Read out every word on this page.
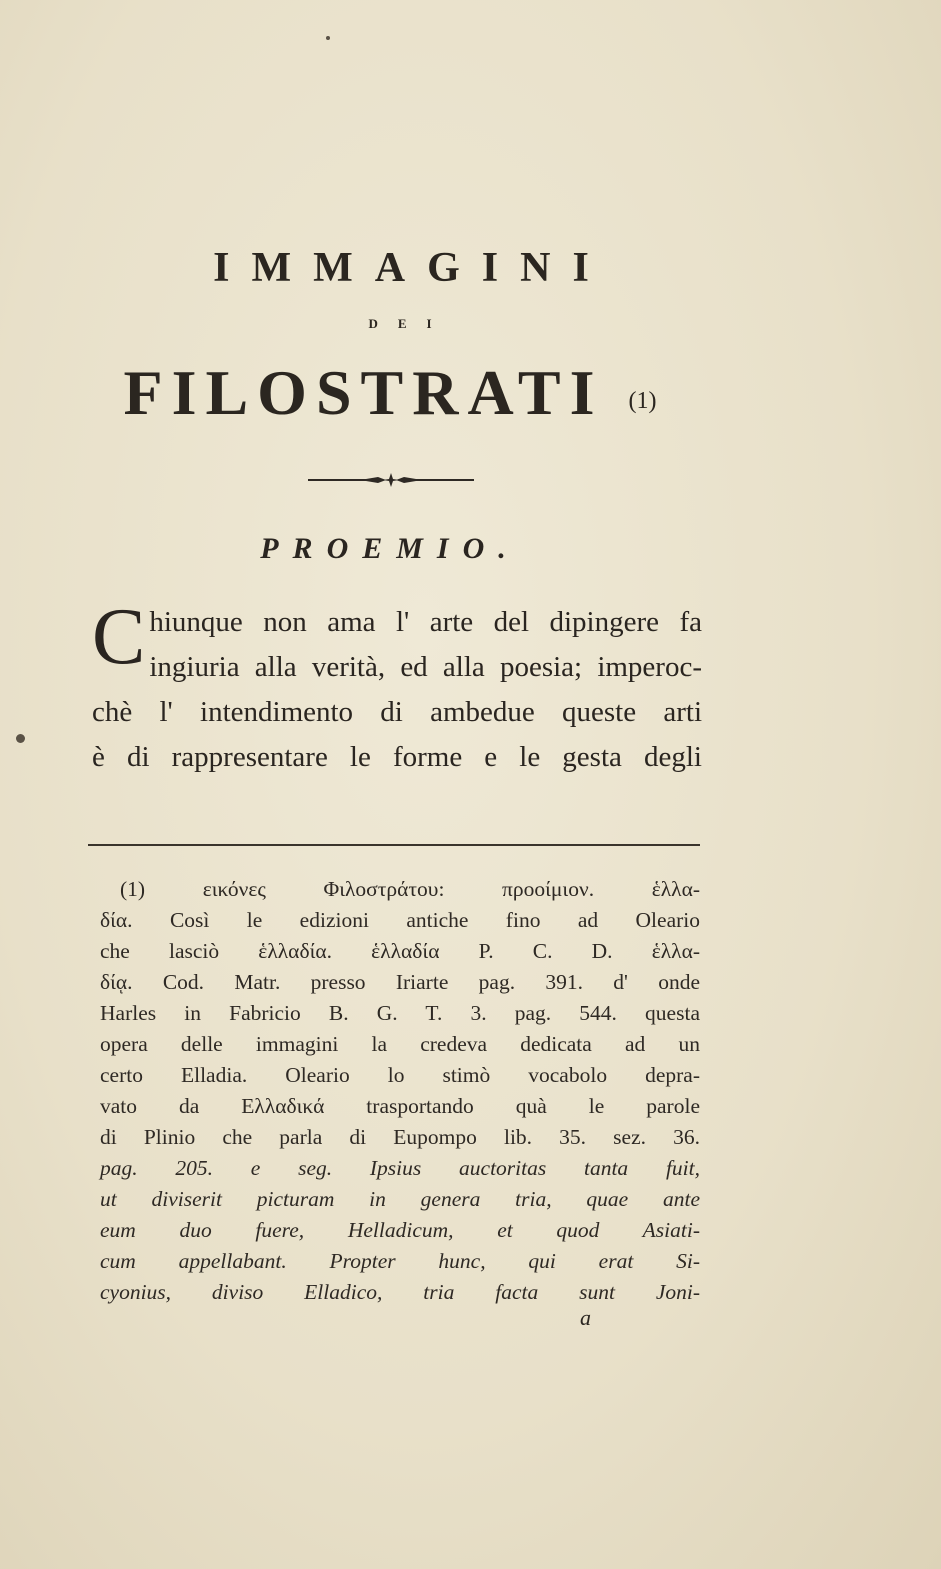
IMMAGINI
DEI
FILOSTRATI (1)
PROEMIO.
C hiunque non ama l' arte del dipingere fa
ingiuria alla verità, ed alla poesia; imperoc-
chè l' intendimento di ambedue queste arti
è di rappresentare le forme e le gesta degli
(1) εικόνες Φιλοστράτου: προοίμιον. ἑλλα-
δία. Così le edizioni antiche fino ad Oleario
che lasciò ἑλλαδία. ἑλλαδία P. C. D. ἑλλα-
δίᾳ. Cod. Matr. presso Iriarte pag. 391. d' onde
Harles in Fabricio B. G. T. 3. pag. 544. questa
opera delle immagini la credeva dedicata ad un
certo Elladia. Oleario lo stimò vocabolo depra-
vato da Ελλαδικά trasportando quà le parole
di Plinio che parla di Eupompo lib. 35. sez. 36.
pag. 205. e seg. Ipsius auctoritas tanta fuit,
ut diviserit picturam in genera tria, quae ante
eum duo fuere, Helladicum, et quod Asiati-
cum appellabant. Propter hunc, qui erat Si-
cyonius, diviso Elladico, tria facta sunt Joni-
a
